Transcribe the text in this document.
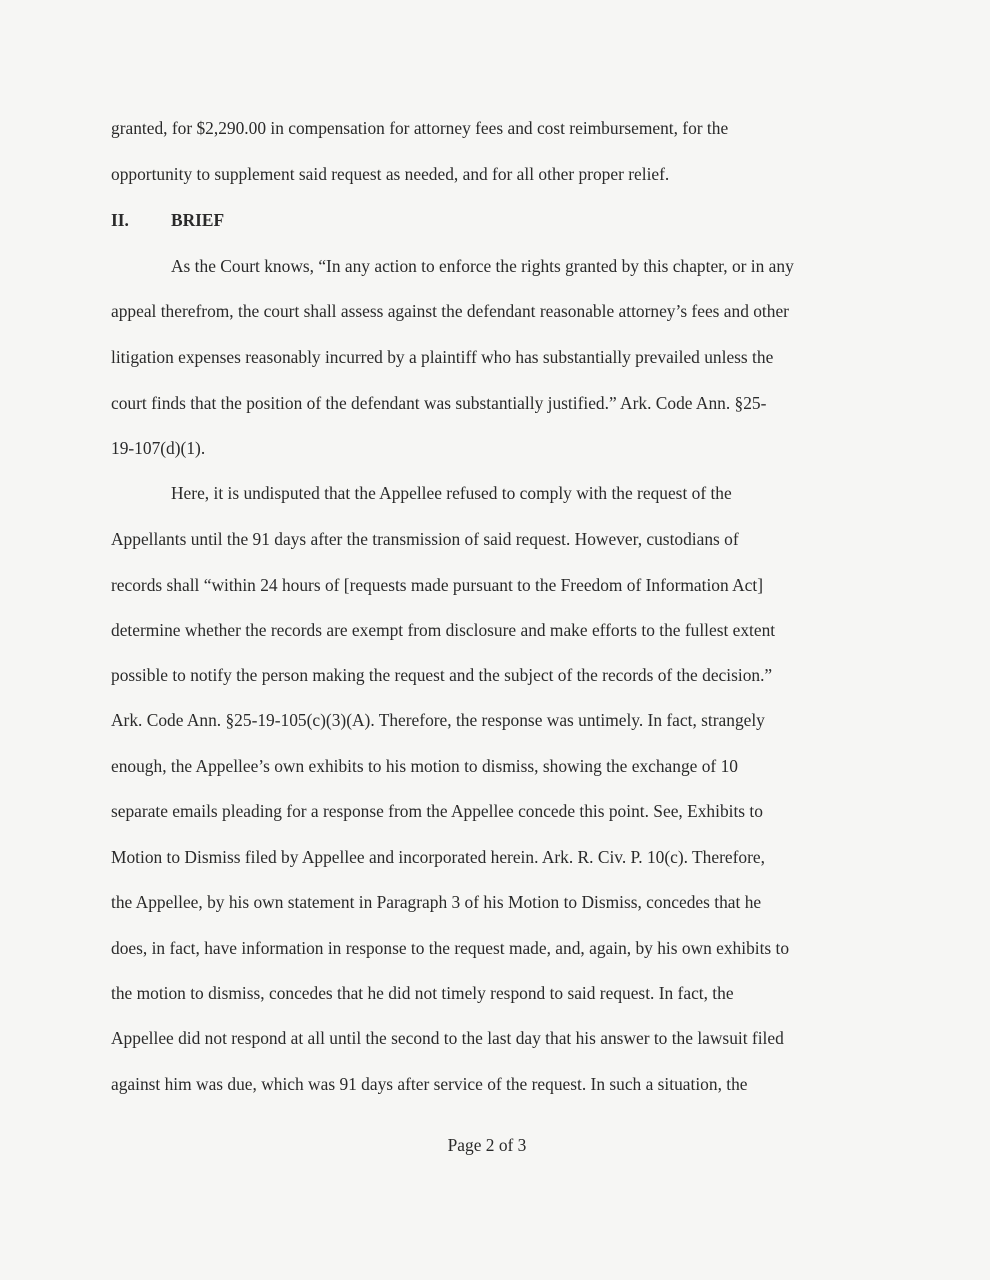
granted, for $2,290.00 in compensation for attorney fees and cost reimbursement, for the
opportunity to supplement said request as needed, and for all other proper relief.
II. BRIEF
As the Court knows, “In any action to enforce the rights granted by this chapter, or in any
appeal therefrom, the court shall assess against the defendant reasonable attorney’s fees and other
litigation expenses reasonably incurred by a plaintiff who has substantially prevailed unless the
court finds that the position of the defendant was substantially justified.” Ark. Code Ann. §25-
19-107(d)(1).
Here, it is undisputed that the Appellee refused to comply with the request of the
Appellants until the 91 days after the transmission of said request. However, custodians of
records shall “within 24 hours of [requests made pursuant to the Freedom of Information Act]
determine whether the records are exempt from disclosure and make efforts to the fullest extent
possible to notify the person making the request and the subject of the records of the decision.”
Ark. Code Ann. §25-19-105(c)(3)(A). Therefore, the response was untimely. In fact, strangely
enough, the Appellee’s own exhibits to his motion to dismiss, showing the exchange of 10
separate emails pleading for a response from the Appellee concede this point. See, Exhibits to
Motion to Dismiss filed by Appellee and incorporated herein. Ark. R. Civ. P. 10(c). Therefore,
the Appellee, by his own statement in Paragraph 3 of his Motion to Dismiss, concedes that he
does, in fact, have information in response to the request made, and, again, by his own exhibits to
the motion to dismiss, concedes that he did not timely respond to said request. In fact, the
Appellee did not respond at all until the second to the last day that his answer to the lawsuit filed
against him was due, which was 91 days after service of the request. In such a situation, the
Page 2 of 3
